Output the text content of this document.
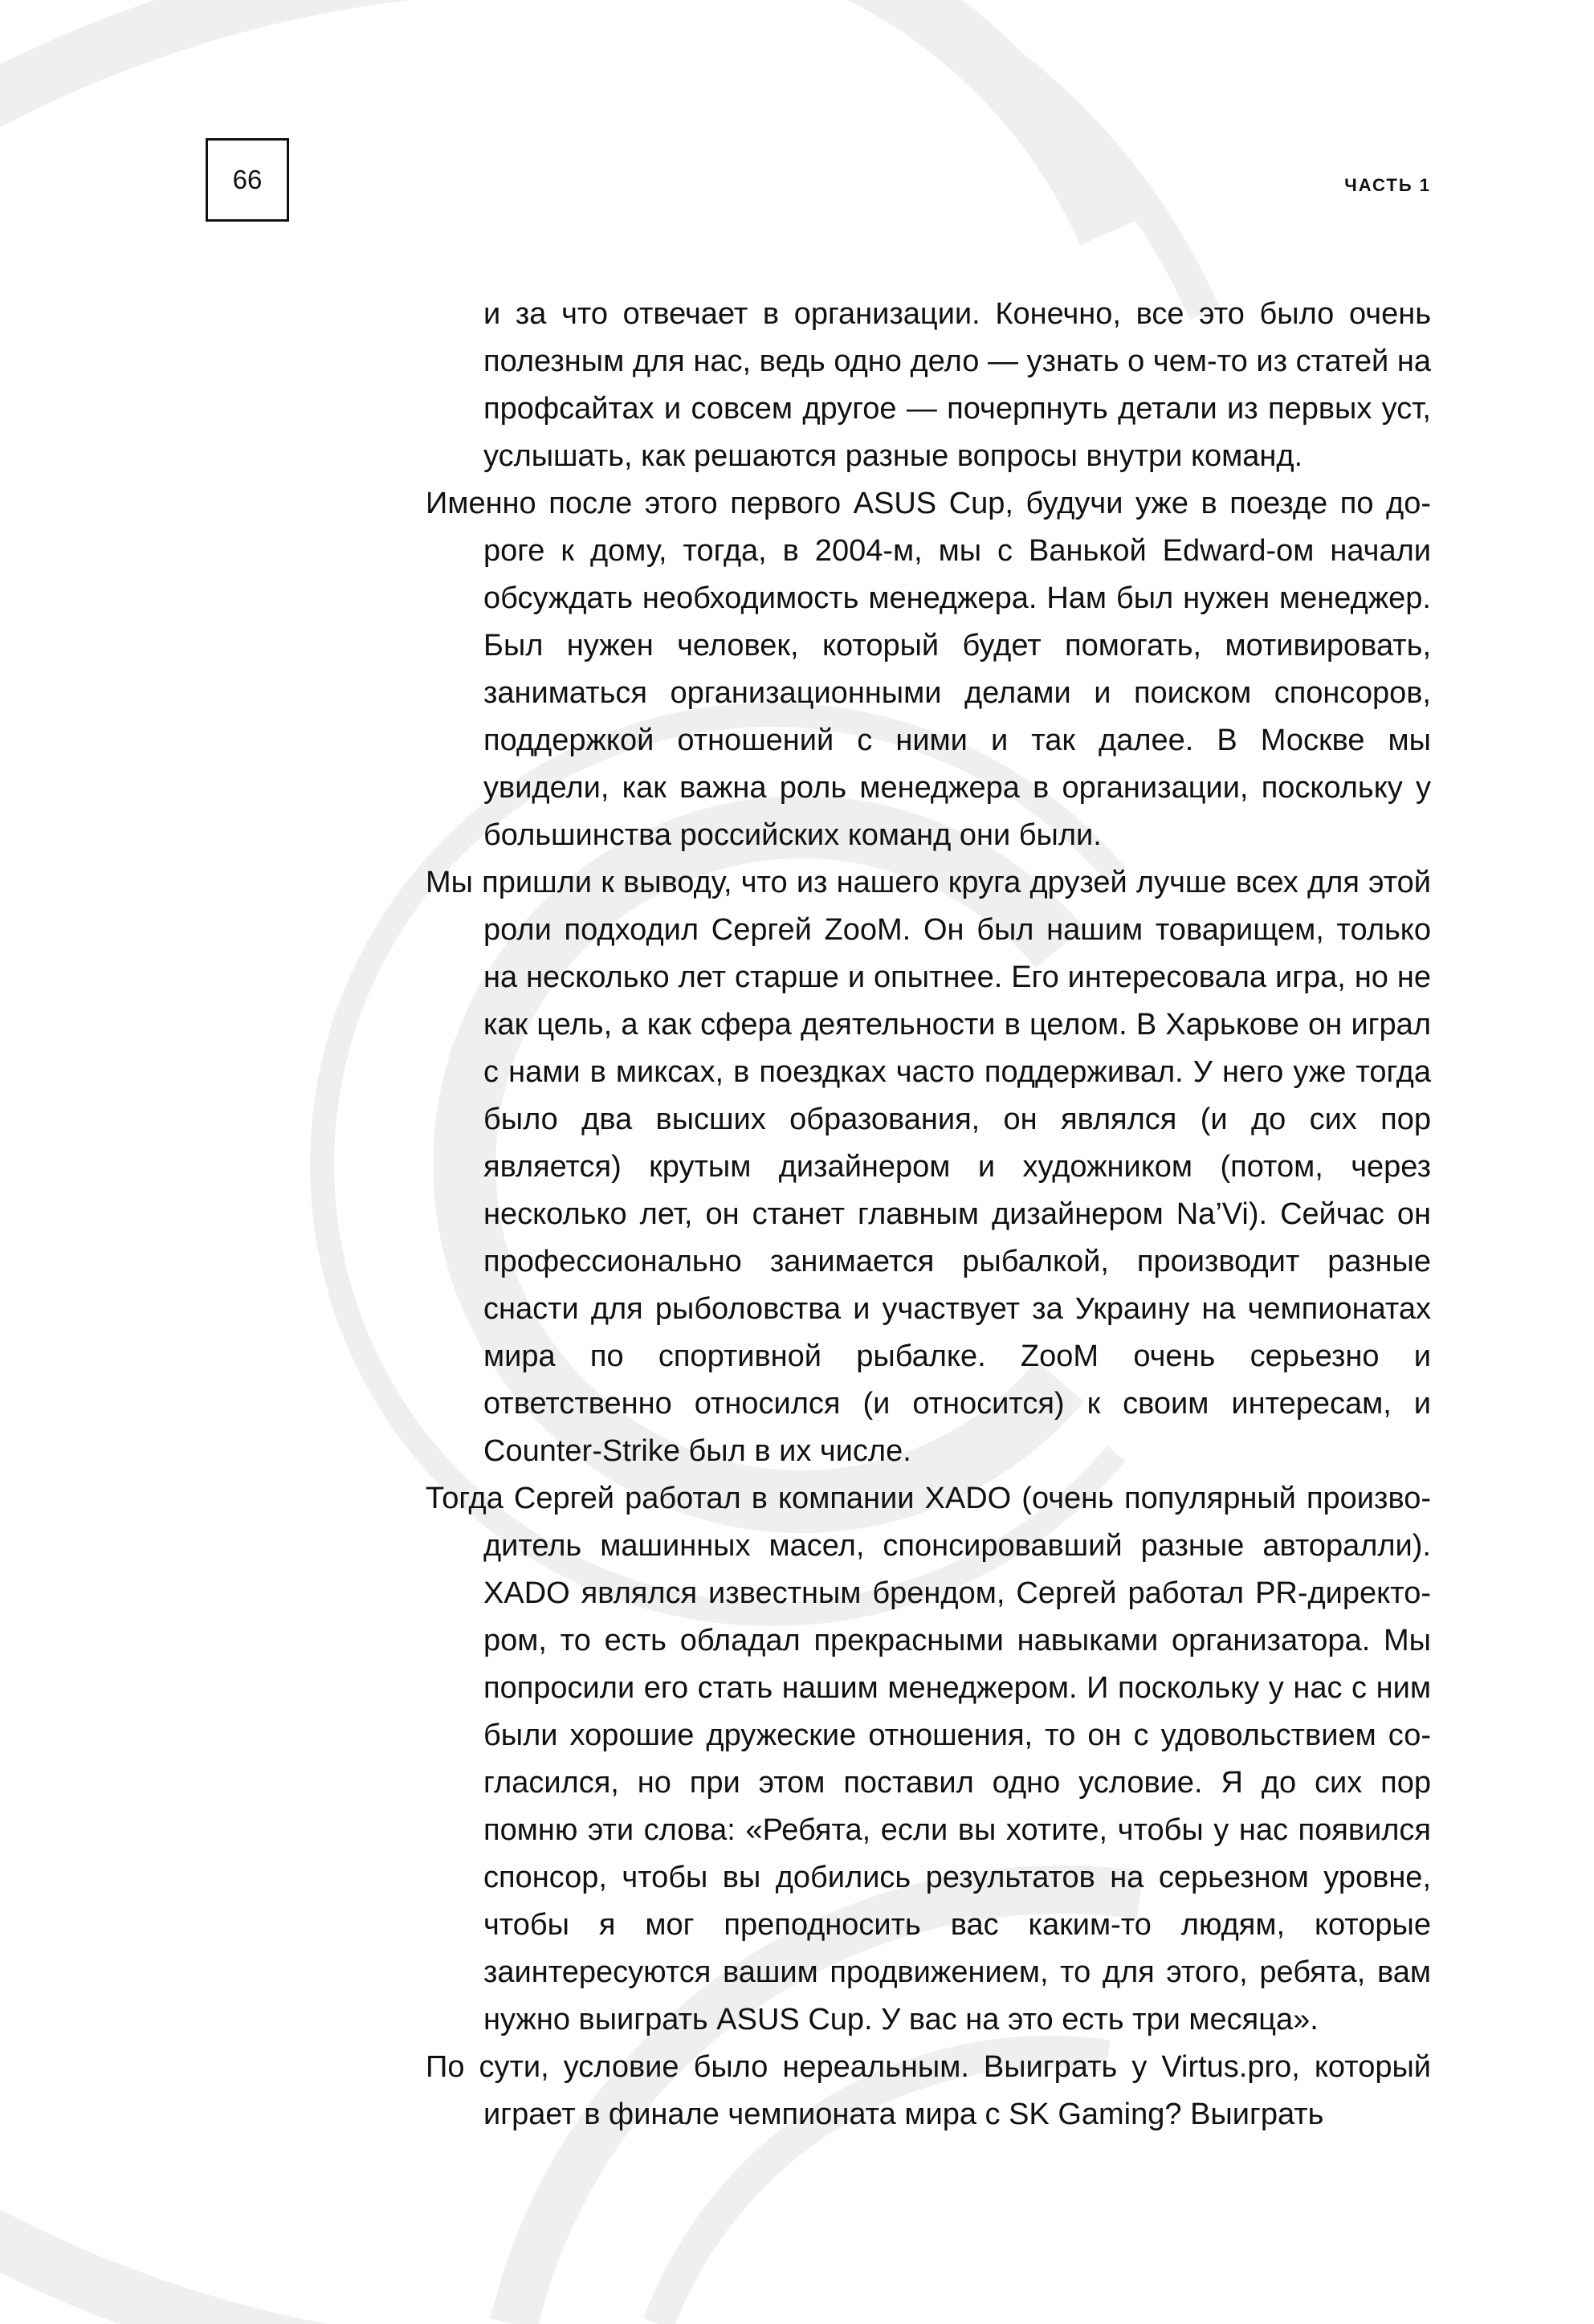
66	ЧАСТЬ 1

и за что отвечает в организации. Конечно, все это было очень полезным для нас, ведь одно дело — узнать о чем-то из статей на профсайтах и совсем другое — почерпнуть детали из первых уст, услышать, как решаются разные вопросы внутри команд.

Именно после этого первого ASUS Cup, будучи уже в поезде по дороге к дому, тогда, в 2004-м, мы с Ванькой Edward-ом начали обсуждать необходимость менеджера. Нам был нужен менеджер. Был нужен человек, который будет помогать, мотивировать, заниматься организационными делами и поиском спонсоров, поддержкой отношений с ними и так далее. В Москве мы увидели, как важна роль менеджера в организации, поскольку у большинства российских команд они были.

Мы пришли к выводу, что из нашего круга друзей лучше всех для этой роли подходил Сергей ZooM. Он был нашим товарищем, только на несколько лет старше и опытнее. Его интересовала игра, но не как цель, а как сфера деятельности в целом. В Харькове он играл с нами в миксах, в поездках часто поддерживал. У него уже тогда было два высших образования, он являлся (и до сих пор является) крутым дизайнером и художником (потом, через несколько лет, он станет главным дизайнером Na’Vi). Сейчас он профессионально занимается рыбалкой, производит разные снасти для рыболовства и участвует за Украину на чемпионатах мира по спортивной рыбалке. ZooM очень серьезно и ответственно относился (и относится) к своим интересам, и Counter-Strike был в их числе.

Тогда Сергей работал в компании XADO (очень популярный производитель машинных масел, спонсировавший разные авторалли). XADO являлся известным брендом, Сергей работал PR-директором, то есть обладал прекрасными навыками организатора. Мы попросили его стать нашим менеджером. И поскольку у нас с ним были хорошие дружеские отношения, то он с удовольствием согласился, но при этом поставил одно условие. Я до сих пор помню эти слова: «Ребята, если вы хотите, чтобы у нас появился спонсор, чтобы вы добились результатов на серьезном уровне, чтобы я мог преподносить вас каким-то людям, которые заинтересуются вашим продвижением, то для этого, ребята, вам нужно выиграть ASUS Cup. У вас на это есть три месяца».

По сути, условие было нереальным. Выиграть у Virtus.pro, который играет в финале чемпионата мира с SK Gaming? Выиграть
